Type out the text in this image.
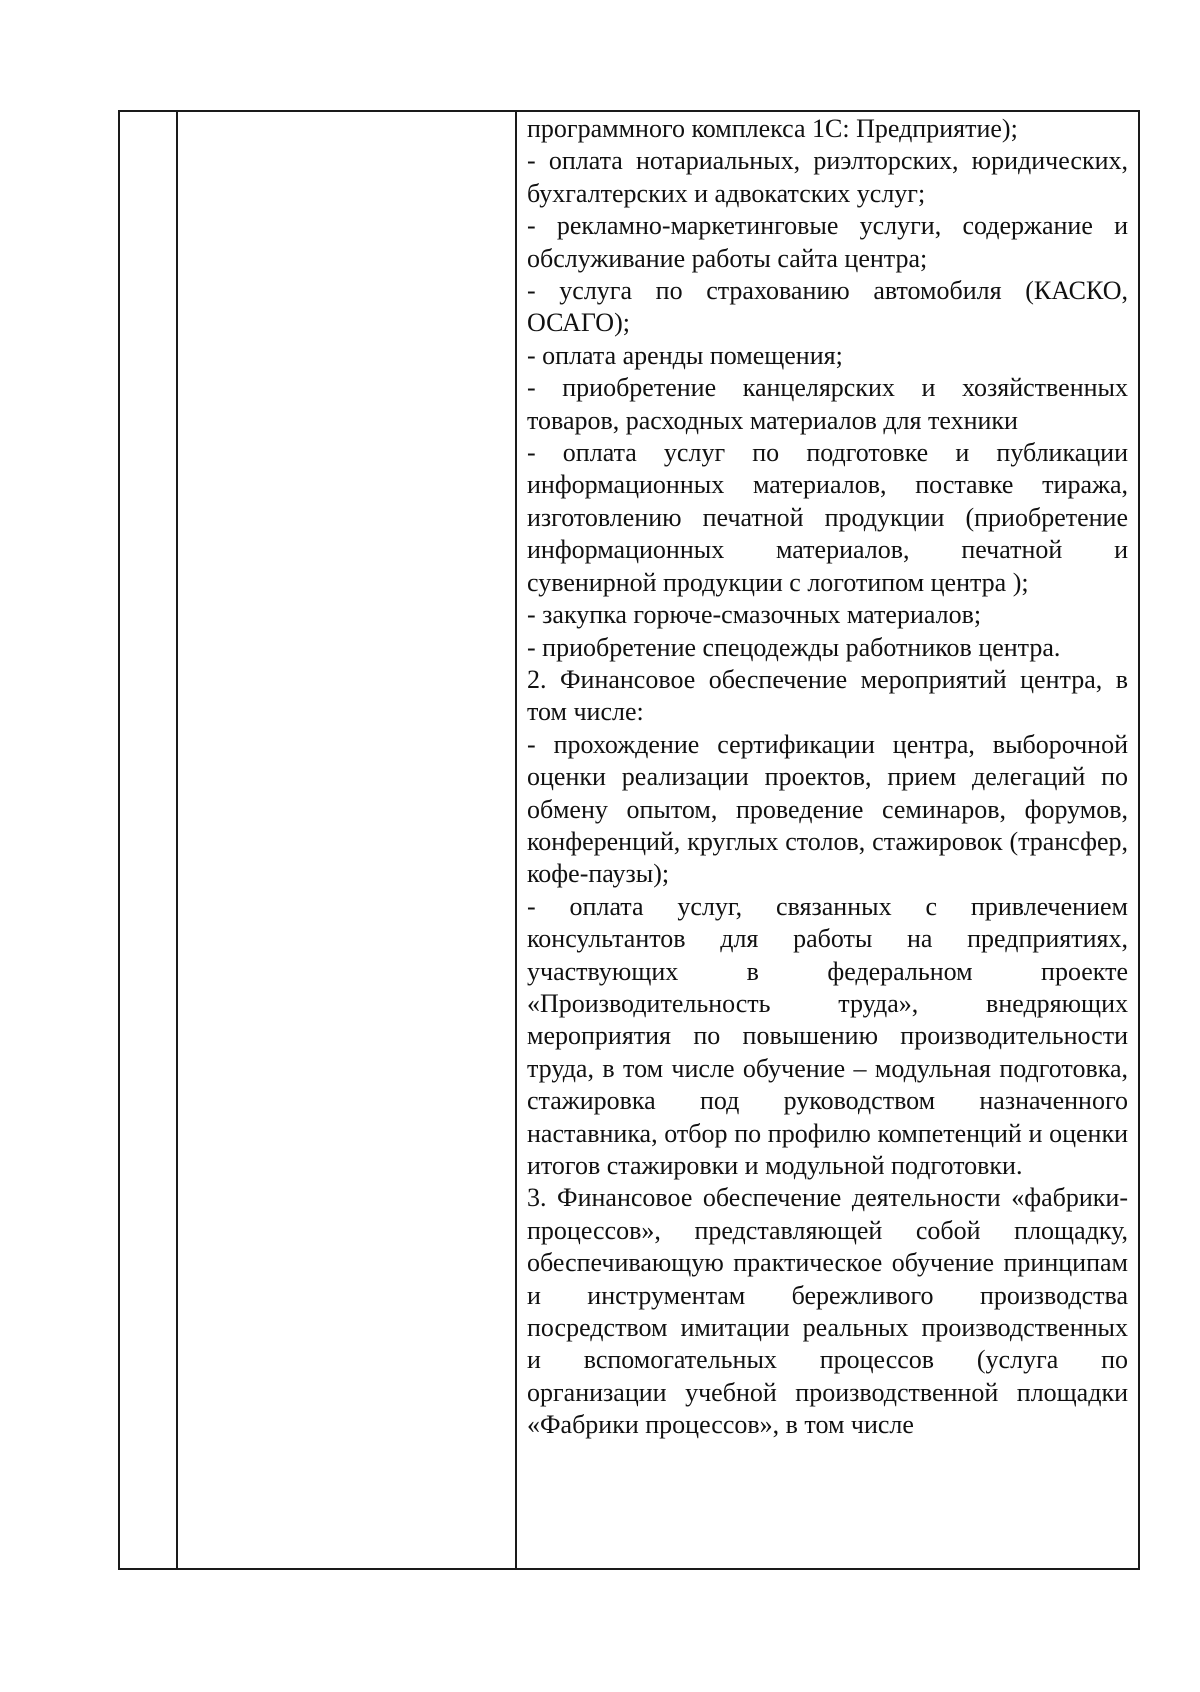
программного комплекса 1С: Предприятие);

- оплата нотариальных, риэлторских, юридических, бухгалтерских и адвокатских услуг;

- рекламно-маркетинговые услуги, содержание и обслуживание работы сайта центра;

- услуга по страхованию автомобиля (КАСКО, ОСАГО);

- оплата аренды помещения;

- приобретение канцелярских и хозяйственных товаров, расходных материалов для техники

- оплата услуг по подготовке и публикации информационных материалов, поставке тиража, изготовлению печатной продукции (приобретение информационных материалов, печатной и сувенирной продукции с логотипом центра );

- закупка горюче-смазочных материалов;

- приобретение спецодежды работников центра.

2. Финансовое обеспечение мероприятий центра, в том числе:

- прохождение сертификации центра, выборочной оценки реализации проектов, прием делегаций по обмену опытом, проведение семинаров, форумов, конференций, круглых столов, стажировок (трансфер, кофе-паузы);

- оплата услуг, связанных с привлечением консультантов для работы на предприятиях, участвующих в федеральном проекте «Производительность труда», внедряющих мероприятия по повышению производительности труда, в том числе обучение – модульная подготовка, стажировка под руководством назначенного наставника, отбор по профилю компетенций и оценки итогов стажировки и модульной подготовки.

3. Финансовое обеспечение деятельности «фабрики-процессов», представляющей собой площадку, обеспечивающую практическое обучение принципам и инструментам бережливого производства посредством имитации реальных производственных и вспомогательных процессов (услуга по организации учебной производственной площадки «Фабрики процессов», в том числе
